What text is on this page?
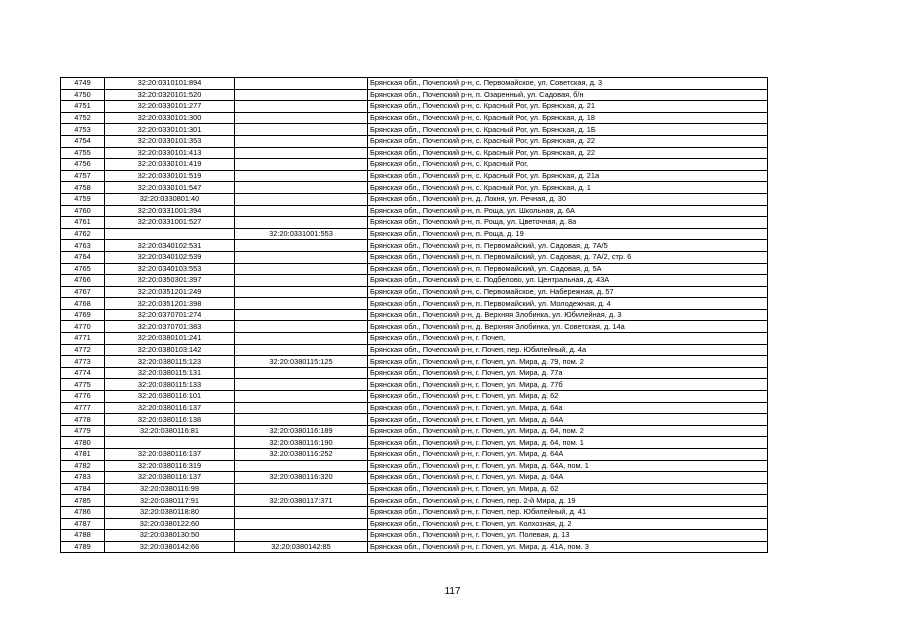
4749	32:20:0310101:894		Брянская обл., Почепский р-н, с. Первомайское, ул. Советская, д. 3
4750	32:20:0320101:520		Брянская обл., Почепский р-н, п. Озаренный, ул. Садовая, б/н
4751	32:20:0330101:277		Брянская обл., Почепский р-н, с. Красный Рог, ул. Брянская, д. 21
4752	32:20:0330101:300		Брянская обл., Почепский р-н, с. Красный Рог, ул. Брянская, д. 18
4753	32:20:0330101:301		Брянская обл., Почепский р-н, с. Красный Рог, ул. Брянская, д. 1Б
4754	32:20:0330101:353		Брянская обл., Почепский р-н, с. Красный Рог, ул. Брянская, д. 22
4755	32:20:0330101:413		Брянская обл., Почепский р-н, с. Красный Рог, ул. Брянская, д. 22
4756	32:20:0330101:419		Брянская обл., Почепский р-н, с. Красный Рог,
4757	32:20:0330101:519		Брянская обл., Почепский р-н, с. Красный Рог, ул. Брянская, д. 21а
4758	32:20:0330101:547		Брянская обл., Почепский р-н, с. Красный Рог, ул. Брянская, д. 1
4759	32:20:0330801:40		Брянская обл., Почепский р-н, д. Локня, ул. Речная, д. 30
4760	32:20:0331001:394		Брянская обл., Почепский р-н, п. Роща, ул. Школьная, д. 6А
4761	32:20:0331001:527		Брянская обл., Почепский р-н, п. Роща, ул. Цветочная, д. 8а
4762		32:20:0331001:553	Брянская обл., Почепский р-н, п. Роща, д. 19
4763	32:20:0340102:531		Брянская обл., Почепский р-н, п. Первомайский, ул. Садовая, д. 7А/5
4764	32:20:0340102:539		Брянская обл., Почепский р-н, п. Первомайский, ул. Садовая, д. 7А/2, стр. 6
4765	32:20:0340103:553		Брянская обл., Почепский р-н, п. Первомайский, ул. Садовая, д. 5А
4766	32:20:0350301:397		Брянская обл., Почепский р-н, с. Подбелово, ул. Центральная, д. 43А
4767	32:20:0351201:249		Брянская обл., Почепский р-н, с. Первомайское, ул. Набережная, д. 57
4768	32:20:0351201:398		Брянская обл., Почепский р-н, п. Первомайский, ул. Молодежная, д. 4
4769	32:20:0370701:274		Брянская обл., Почепский р-н, д. Верхняя Злобинка, ул. Юбилейная, д. 3
4770	32:20:0370701:383		Брянская обл., Почепский р-н, д. Верхняя Злобинка, ул. Советская, д. 14а
4771	32:20:0380101:241		Брянская обл., Почепский р-н, г. Почеп,
4772	32:20:0380103:142		Брянская обл., Почепский р-н, г. Почеп, пер. Юбилейный, д. 4а
4773	32:20:0380115:123	32:20:0380115:125	Брянская обл., Почепский р-н, г. Почеп, ул. Мира, д. 79, пом. 2
4774	32:20:0380115:131		Брянская обл., Почепский р-н, г. Почеп, ул. Мира, д. 77а
4775	32:20:0380115:133		Брянская обл., Почепский р-н, г. Почеп, ул. Мира, д. 77б
4776	32:20:0380116:101		Брянская обл., Почепский р-н, г. Почеп, ул. Мира, д. 62
4777	32:20:0380116:137		Брянская обл., Почепский р-н, г. Почеп, ул. Мира, д. 64а
4778	32:20:0380116:138		Брянская обл., Почепский р-н, г. Почеп, ул. Мира, д. 64А
4779	32:20:0380116:81	32:20:0380116:189	Брянская обл., Почепский р-н, г. Почеп, ул. Мира, д. 64, пом. 2
4780		32:20:0380116:190	Брянская обл., Почепский р-н, г. Почеп, ул. Мира, д. 64, пом. 1
4781	32:20:0380116:137	32:20:0380116:252	Брянская обл., Почепский р-н, г. Почеп, ул. Мира, д. 64А
4782	32:20:0380116:319		Брянская обл., Почепский р-н, г. Почеп, ул. Мира, д. 64А, пом. 1
4783	32:20:0380116:137	32:20:0380116:320	Брянская обл., Почепский р-н, г. Почеп, ул. Мира, д. 64А
4784	32:20:0380116:99		Брянская обл., Почепский р-н, г. Почеп, ул. Мира, д. 62
4785	32:20:0380117:91	32:20:0380117:371	Брянская обл., Почепский р-н, г. Почеп, пер. 2-й Мира, д. 19
4786	32:20:0380118:80		Брянская обл., Почепский р-н, г. Почеп, пер. Юбилейный, д. 41
4787	32:20:0380122:60		Брянская обл., Почепский р-н, г. Почеп, ул. Колхозная, д. 2
4788	32:20:0380130:50		Брянская обл., Почепский р-н, г. Почеп, ул. Полевая, д. 13
4789	32:20:0380142:66	32:20:0380142:85	Брянская обл., Почепский р-н, г. Почеп, ул. Мира, д. 41А, пом. 3
117
